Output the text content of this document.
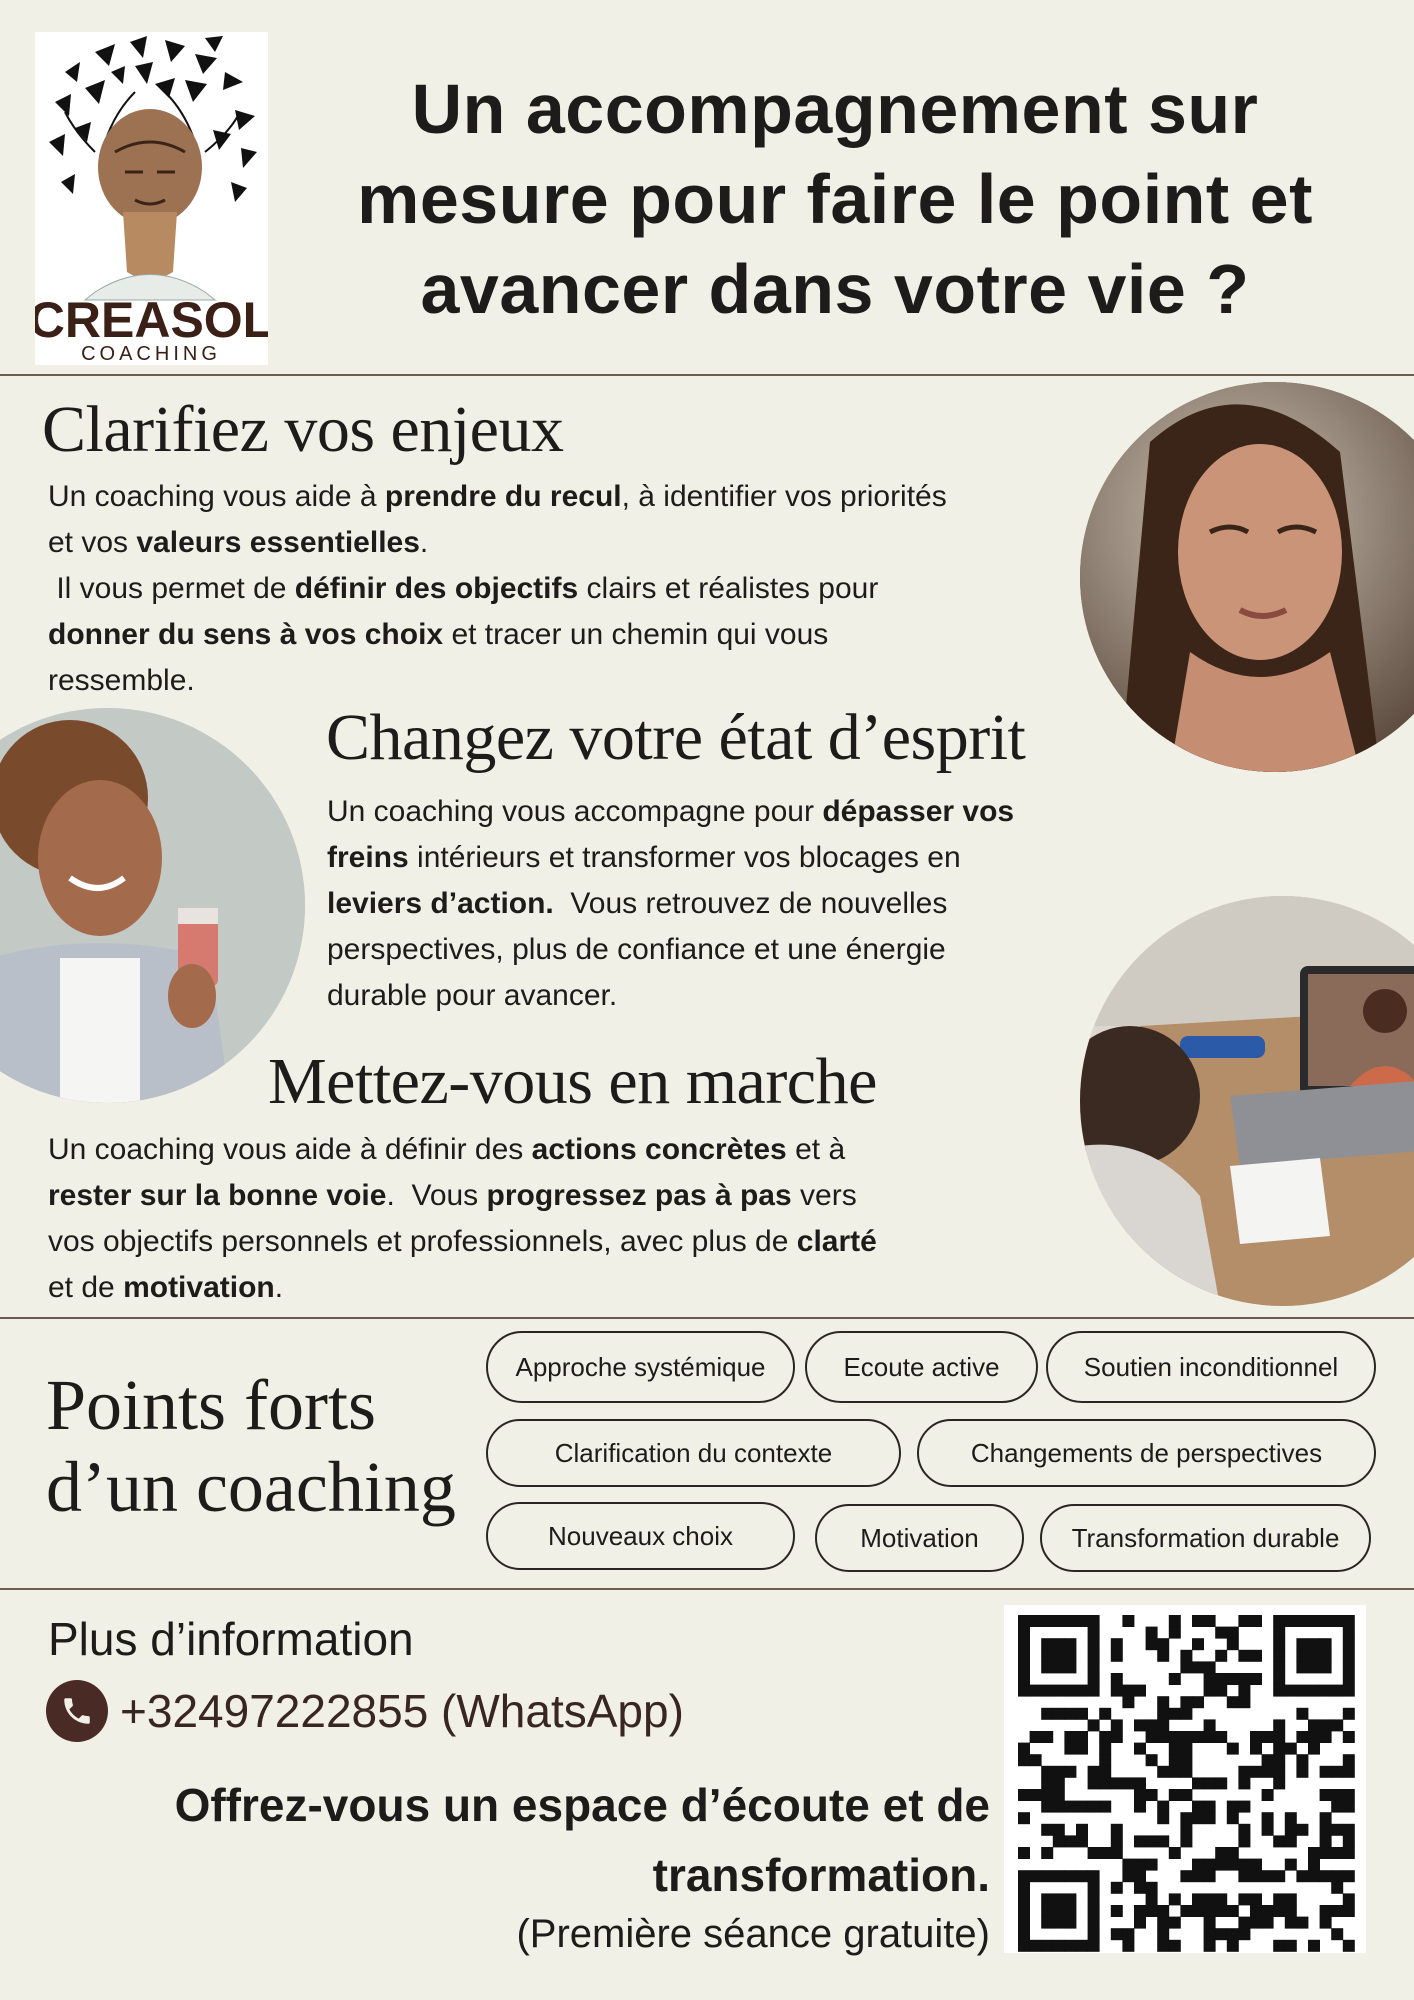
CREASOL
COACHING
Un accompagnement sur
mesure pour faire le point et
avancer dans votre vie ?
Clarifiez vos enjeux
Un coaching vous aide à prendre du recul, à identifier vos priorités
et vos valeurs essentielles.
Il vous permet de définir des objectifs clairs et réalistes pour
donner du sens à vos choix et tracer un chemin qui vous
ressemble.
Changez votre état d’esprit
Un coaching vous accompagne pour dépasser vos
freins intérieurs et transformer vos blocages en
leviers d’action.  Vous retrouvez de nouvelles
perspectives, plus de confiance et une énergie
durable pour avancer.
Mettez-vous en marche
Un coaching vous aide à définir des actions concrètes et à
rester sur la bonne voie.  Vous progressez pas à pas vers
vos objectifs personnels et professionnels, avec plus de clarté
et de motivation.
Points forts
d’un coaching
Approche systémique	Ecoute active	Soutien inconditionnel
Clarification du contexte	Changements de perspectives
Nouveaux choix	Motivation	Transformation durable
Plus d’information
+32497222855 (WhatsApp)
Offrez-vous un espace d’écoute et de
transformation.
(Première séance gratuite)
